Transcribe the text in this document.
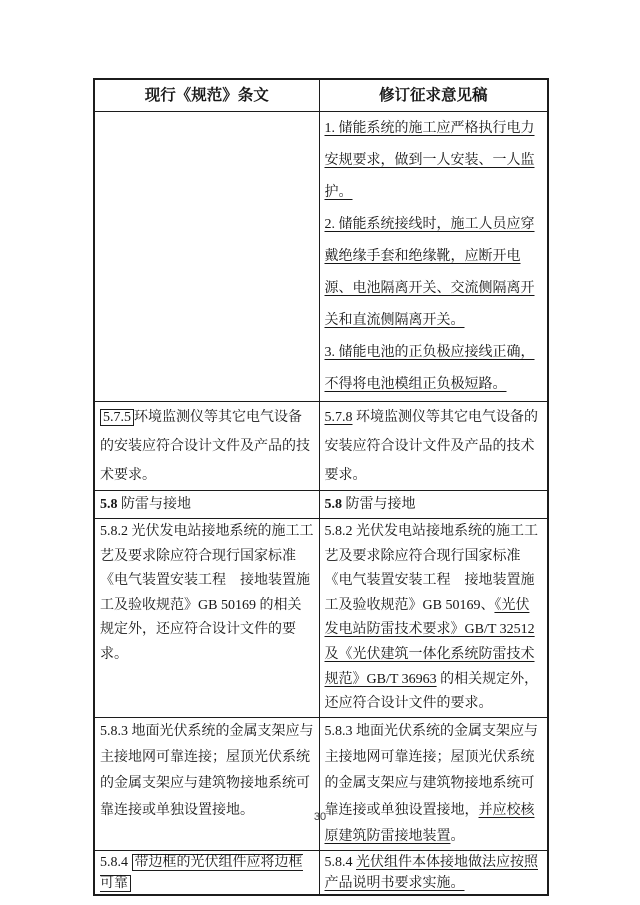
现行《规范》条文	修订征求意见稿

	1. 储能系统的施工应严格执行电力安规要求，做到一人安装、一人监护。

2. 储能系统接线时，施工人员应穿戴绝缘手套和绝缘靴，应断开电源、电池隔离开关、交流侧隔离开关和直流侧隔离开关。

3. 储能电池的正负极应接线正确，不得将电池模组正负极短路。

5.7.5 环境监测仪等其它电气设备的安装应符合设计文件及产品的技术要求。	5.7.8 环境监测仪等其它电气设备的安装应符合设计文件及产品的技术要求。

5.8 防雷与接地	5.8 防雷与接地

5.8.2 光伏发电站接地系统的施工工艺及要求除应符合现行国家标准《电气装置安装工程　接地装置施工及验收规范》GB 50169 的相关规定外，还应符合设计文件的要求。	5.8.2 光伏发电站接地系统的施工工艺及要求除应符合现行国家标准《电气装置安装工程　接地装置施工及验收规范》GB 50169、《光伏发电站防雷技术要求》GB/T 32512 及《光伏建筑一体化系统防雷技术规范》GB/T 36963 的相关规定外，还应符合设计文件的要求。

5.8.3 地面光伏系统的金属支架应与主接地网可靠连接；屋顶光伏系统的金属支架应与建筑物接地系统可靠连接或单独设置接地。	5.8.3 地面光伏系统的金属支架应与主接地网可靠连接；屋顶光伏系统的金属支架应与建筑物接地系统可靠连接或单独设置接地，并应校核原建筑防雷接地装置。

5.8.4 带边框的光伏组件应将边框可靠	5.8.4 光伏组件本体接地做法应按照产品说明书要求实施。

30
